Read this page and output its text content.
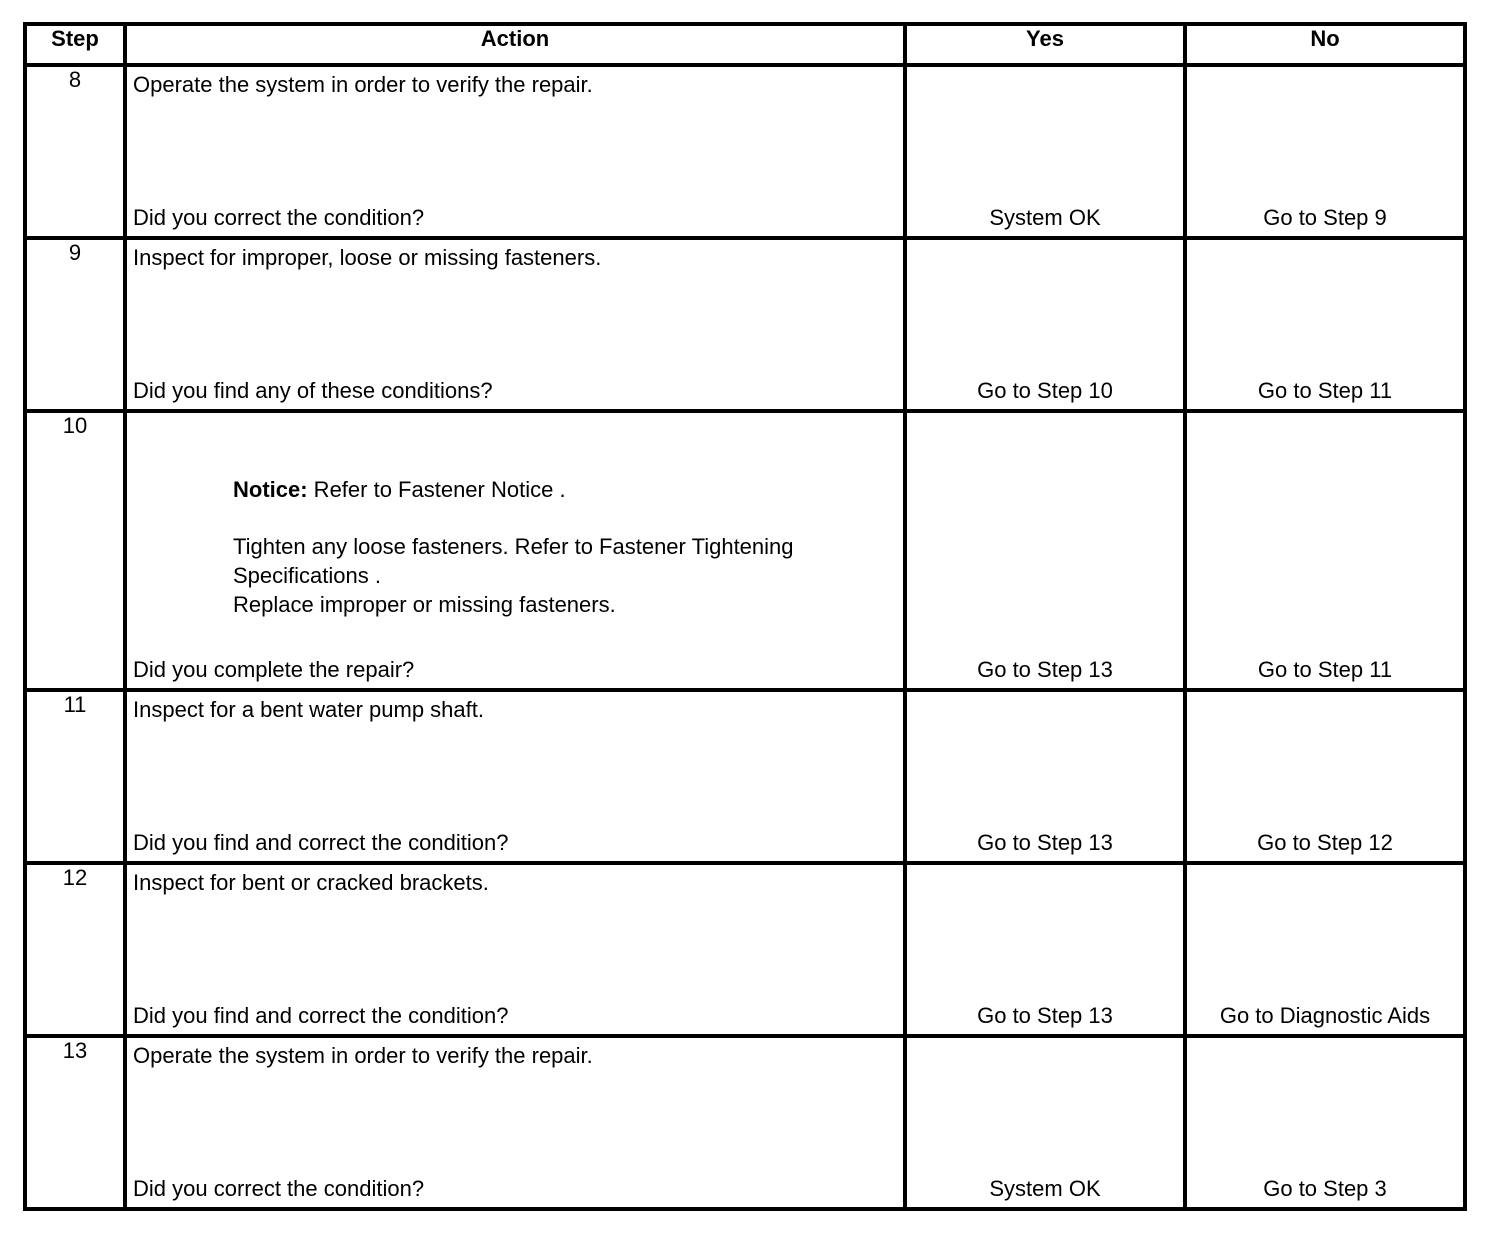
Step	Action	Yes	No
8	Operate the system in order to verify the repair.
Did you correct the condition?	System OK	Go to Step 9

9	Inspect for improper, loose or missing fasteners.
Did you find any of these conditions?	Go to Step 10	Go to Step 11

10	Notice: Refer to Fastener Notice .
Tighten any loose fasteners. Refer to Fastener Tightening Specifications .
Replace improper or missing fasteners.
Did you complete the repair?	Go to Step 13	Go to Step 11

11	Inspect for a bent water pump shaft.
Did you find and correct the condition?	Go to Step 13	Go to Step 12

12	Inspect for bent or cracked brackets.
Did you find and correct the condition?	Go to Step 13	Go to Diagnostic Aids

13	Operate the system in order to verify the repair.
Did you correct the condition?	System OK	Go to Step 3
